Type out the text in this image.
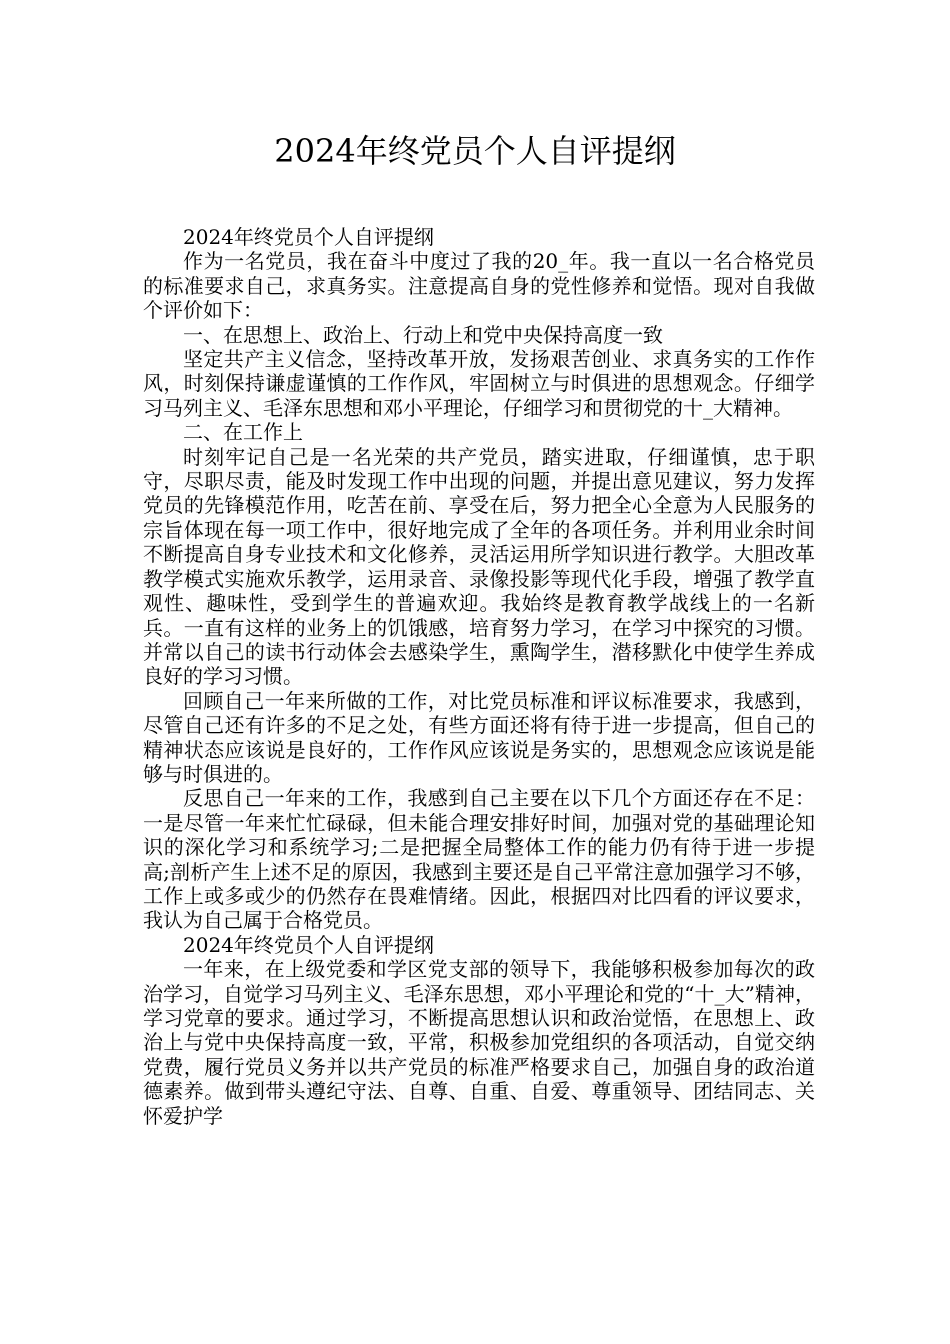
2024年终党员个人自评提纲

2024年终党员个人自评提纲

作为一名党员，我在奋斗中度过了我的20_年。我一直以一名合格党员的标准要求自己，求真务实。注意提高自身的党性修养和觉悟。现对自我做个评价如下：

一、在思想上、政治上、行动上和党中央保持高度一致

坚定共产主义信念，坚持改革开放，发扬艰苦创业、求真务实的工作作风，时刻保持谦虚谨慎的工作作风，牢固树立与时俱进的思想观念。仔细学习马列主义、毛泽东思想和邓小平理论，仔细学习和贯彻党的十_大精神。

二、在工作上

时刻牢记自己是一名光荣的共产党员，踏实进取，仔细谨慎，忠于职守，尽职尽责，能及时发现工作中出现的问题，并提出意见建议，努力发挥党员的先锋模范作用，吃苦在前、享受在后，努力把全心全意为人民服务的宗旨体现在每一项工作中，很好地完成了全年的各项任务。并利用业余时间不断提高自身专业技术和文化修养，灵活运用所学知识进行教学。大胆改革教学模式实施欢乐教学，运用录音、录像投影等现代化手段，增强了教学直观性、趣味性，受到学生的普遍欢迎。我始终是教育教学战线上的一名新兵。一直有这样的业务上的饥饿感，培育努力学习，在学习中探究的习惯。并常以自己的读书行动体会去感染学生，熏陶学生，潜移默化中使学生养成良好的学习习惯。

回顾自己一年来所做的工作，对比党员标准和评议标准要求，我感到，尽管自己还有许多的不足之处，有些方面还将有待于进一步提高，但自己的精神状态应该说是良好的，工作作风应该说是务实的，思想观念应该说是能够与时俱进的。

反思自己一年来的工作，我感到自己主要在以下几个方面还存在不足：一是尽管一年来忙忙碌碌，但未能合理安排好时间，加强对党的基础理论知识的深化学习和系统学习;二是把握全局整体工作的能力仍有待于进一步提高;剖析产生上述不足的原因，我感到主要还是自己平常注意加强学习不够，工作上或多或少的仍然存在畏难情绪。因此，根据四对比四看的评议要求，我认为自己属于合格党员。

2024年终党员个人自评提纲

一年来，在上级党委和学区党支部的领导下，我能够积极参加每次的政治学习，自觉学习马列主义、毛泽东思想，邓小平理论和党的“十_大”精神，学习党章的要求。通过学习，不断提高思想认识和政治觉悟，在思想上、政治上与党中央保持高度一致，平常，积极参加党组织的各项活动，自觉交纳党费，履行党员义务并以共产党员的标准严格要求自己，加强自身的政治道德素养。做到带头遵纪守法、自尊、自重、自爱、尊重领导、团结同志、关怀爱护学
